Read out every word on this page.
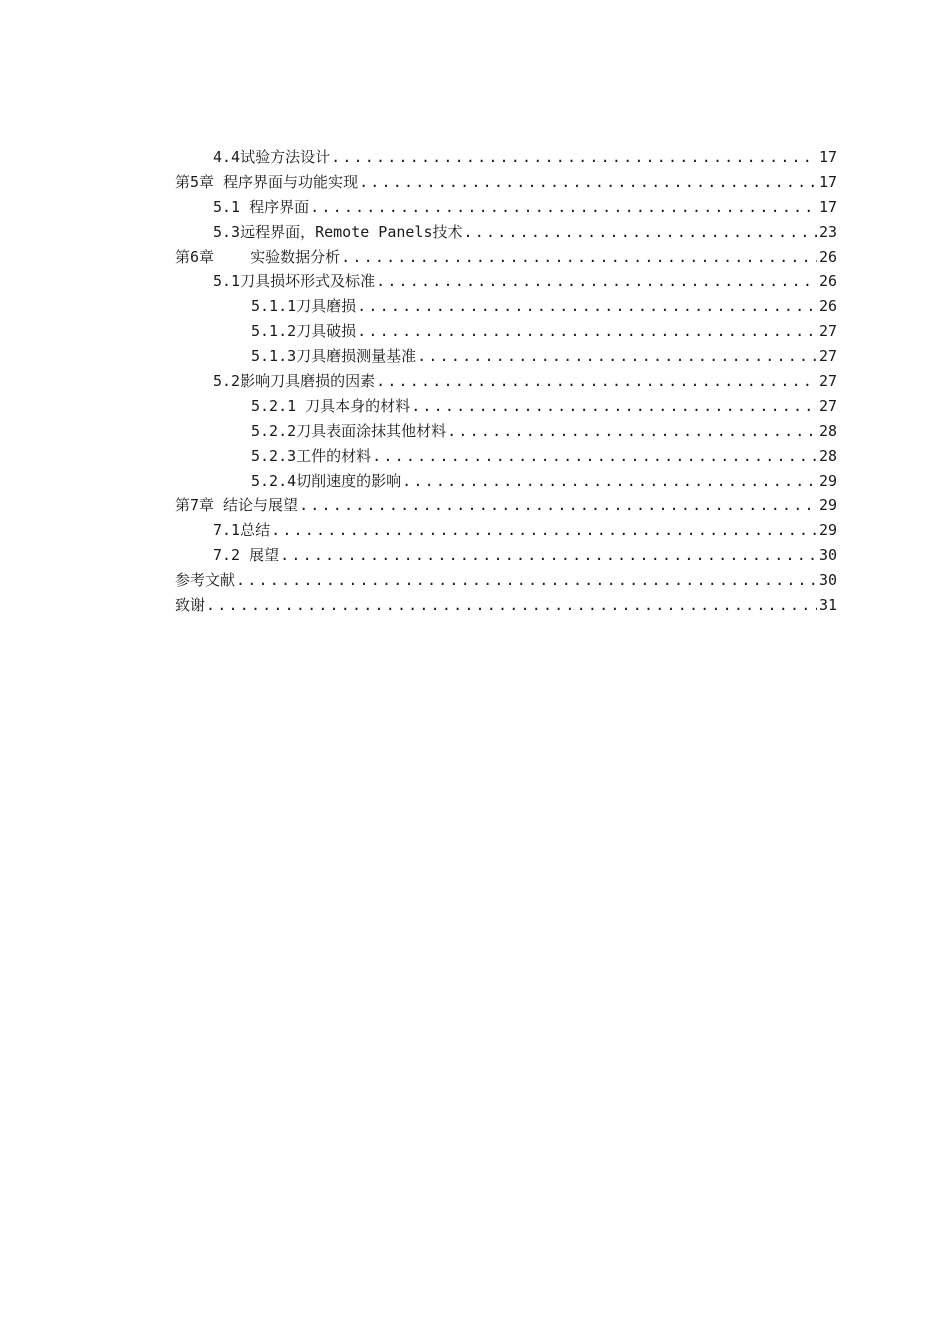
4.4试验方法设计 .....	17
第5章 程序界面与功能实现 .....	17
5.1 程序界面 .....	17
5.3远程界面，Remote Panels技术 .....	23
第6章    实验数据分析 .....	26
5.1刀具损坏形式及标准 .....	26
5.1.1刀具磨损 .....	26
5.1.2刀具破损 .....	27
5.1.3刀具磨损测量基准 .....	27
5.2影响刀具磨损的因素 .....	27
5.2.1 刀具本身的材料 .....	27
5.2.2刀具表面涂抹其他材料 .....	28
5.2.3工件的材料 .....	28
5.2.4切削速度的影响 .....	29
第7章 结论与展望 .....	29
7.1总结 .....	29
7.2 展望 .....	30
参考文献 .....	30
致谢 .....	31
